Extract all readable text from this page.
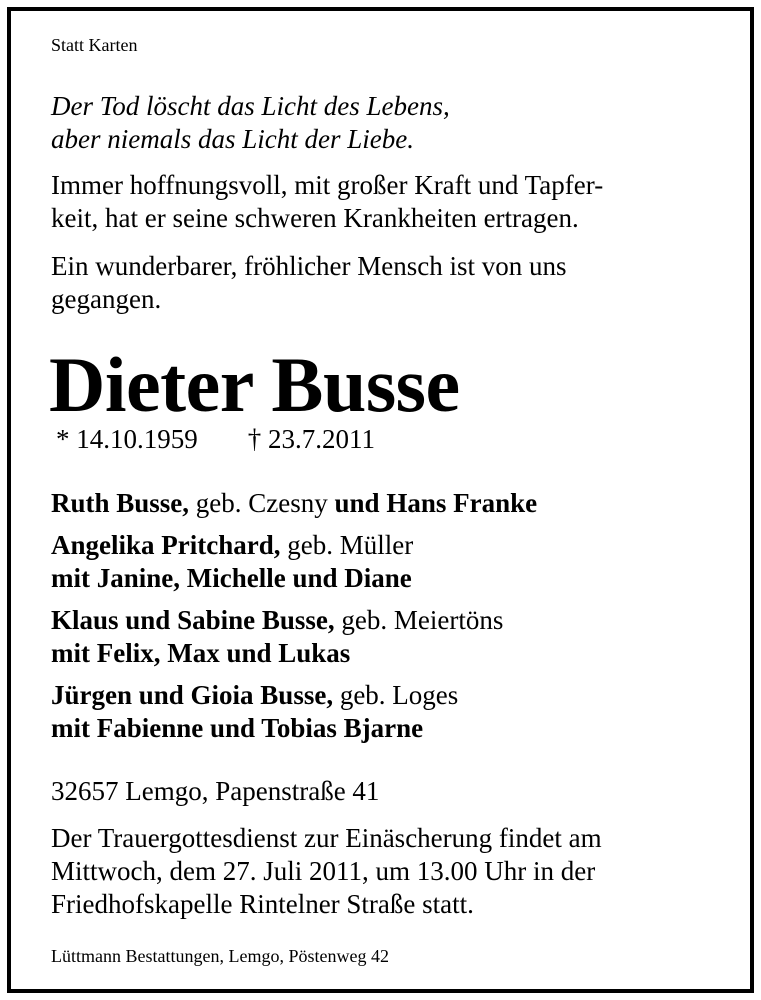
Statt Karten

Der Tod löscht das Licht des Lebens,

aber niemals das Licht der Liebe.

Immer hoffnungsvoll, mit großer Kraft und Tapfer-

keit, hat er seine schweren Krankheiten ertragen.

Ein wunderbarer, fröhlicher Mensch ist von uns

gegangen.

Dieter Busse

* 14.10.1959 † 23.7.2011

Ruth Busse, geb. Czesny und Hans Franke

Angelika Pritchard, geb. Müller

mit Janine, Michelle und Diane

Klaus und Sabine Busse, geb. Meiertöns

mit Felix, Max und Lukas

Jürgen und Gioia Busse, geb. Loges

mit Fabienne und Tobias Bjarne

32657 Lemgo, Papenstraße 41

Der Trauergottesdienst zur Einäscherung findet am

Mittwoch, dem 27. Juli 2011, um 13.00 Uhr in der

Friedhofskapelle Rintelner Straße statt.

Lüttmann Bestattungen, Lemgo, Pöstenweg 42
